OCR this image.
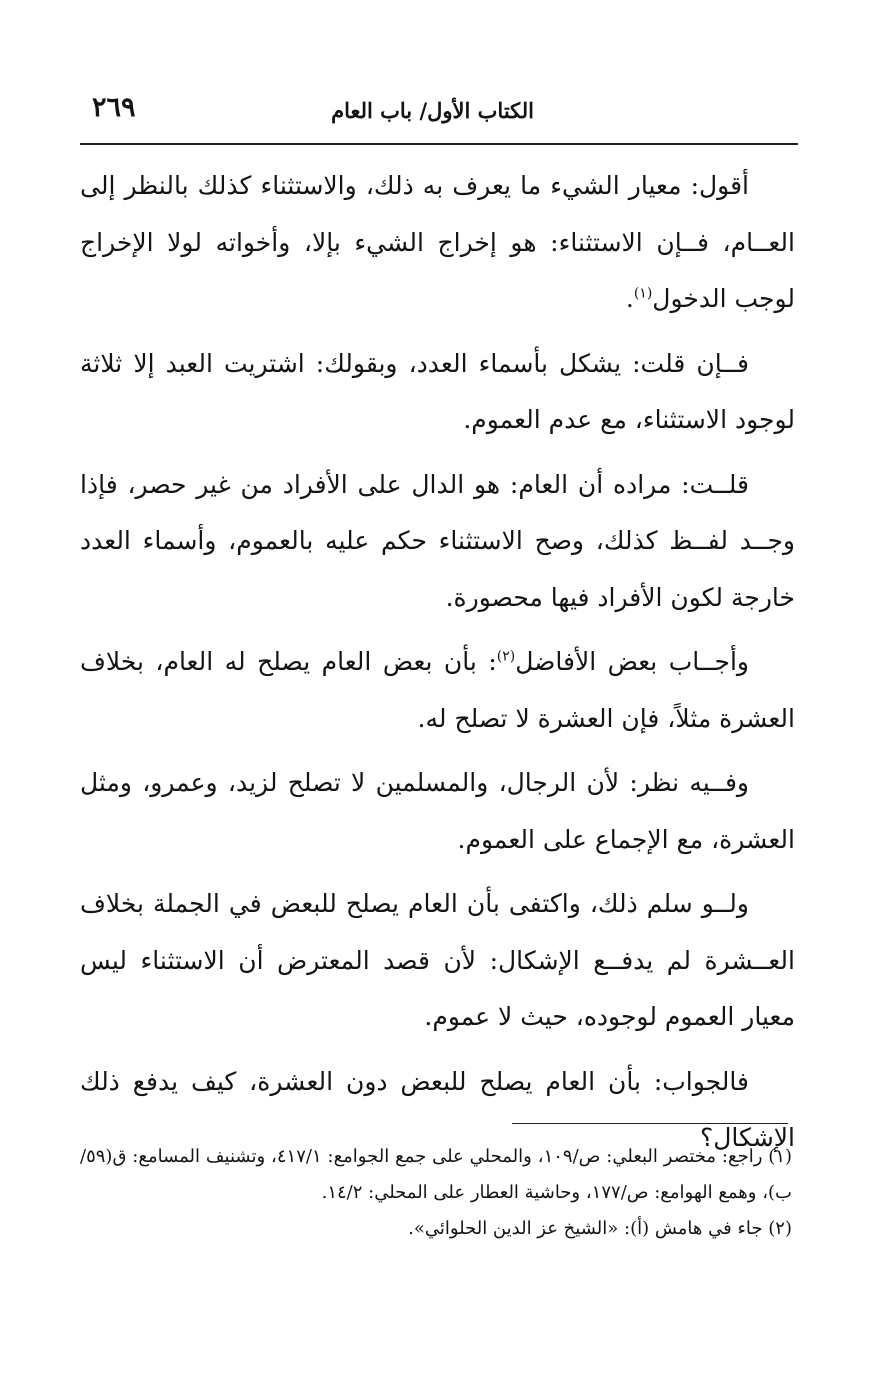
الكتاب الأول/ باب العام
٢٦٩

أقول: معيار الشيء ما يعرف به ذلك، والاستثناء كذلك بالنظر إلى العــام، فــإن الاستثناء: هو إخراج الشيء بإلا، وأخواته لولا الإخراج لوجب الدخول$^{(١)}$.

فــإن قلت: يشكل بأسماء العدد، وبقولك: اشتريت العبد إلا ثلاثة لوجود الاستثناء، مع عدم العموم.

قلــت: مراده أن العام: هو الدال على الأفراد من غير حصر، فإذا وجــد لفــظ كذلك، وصح الاستثناء حكم عليه بالعموم، وأسماء العدد خارجة لكون الأفراد فيها محصورة.

وأجــاب بعض الأفاضل$^{(٢)}$: بأن بعض العام يصلح له العام، بخلاف العشرة مثلاً، فإن العشرة لا تصلح له.

وفــيه نظر: لأن الرجال، والمسلمين لا تصلح لزيد، وعمرو، ومثل العشرة، مع الإجماع على العموم.

ولــو سلم ذلك، واكتفى بأن العام يصلح للبعض في الجملة بخلاف العــشرة لم يدفــع الإشكال: لأن قصد المعترض أن الاستثناء ليس معيار العموم لوجوده، حيث لا عموم.

فالجواب: بأن العام يصلح للبعض دون العشرة، كيف يدفع ذلك الإشكال؟

(١) راجع: مختصر البعلي: ص/١٠٩، والمحلي على جمع الجوامع: ٤١٧/١، وتشنيف المسامع: ق(٥٩/ب)، وهمع الهوامع: ص/١٧٧، وحاشية العطار على المحلي: ١٤/٢.

(٢) جاء في هامش (أ): «الشيخ عز الدين الحلوائي».
